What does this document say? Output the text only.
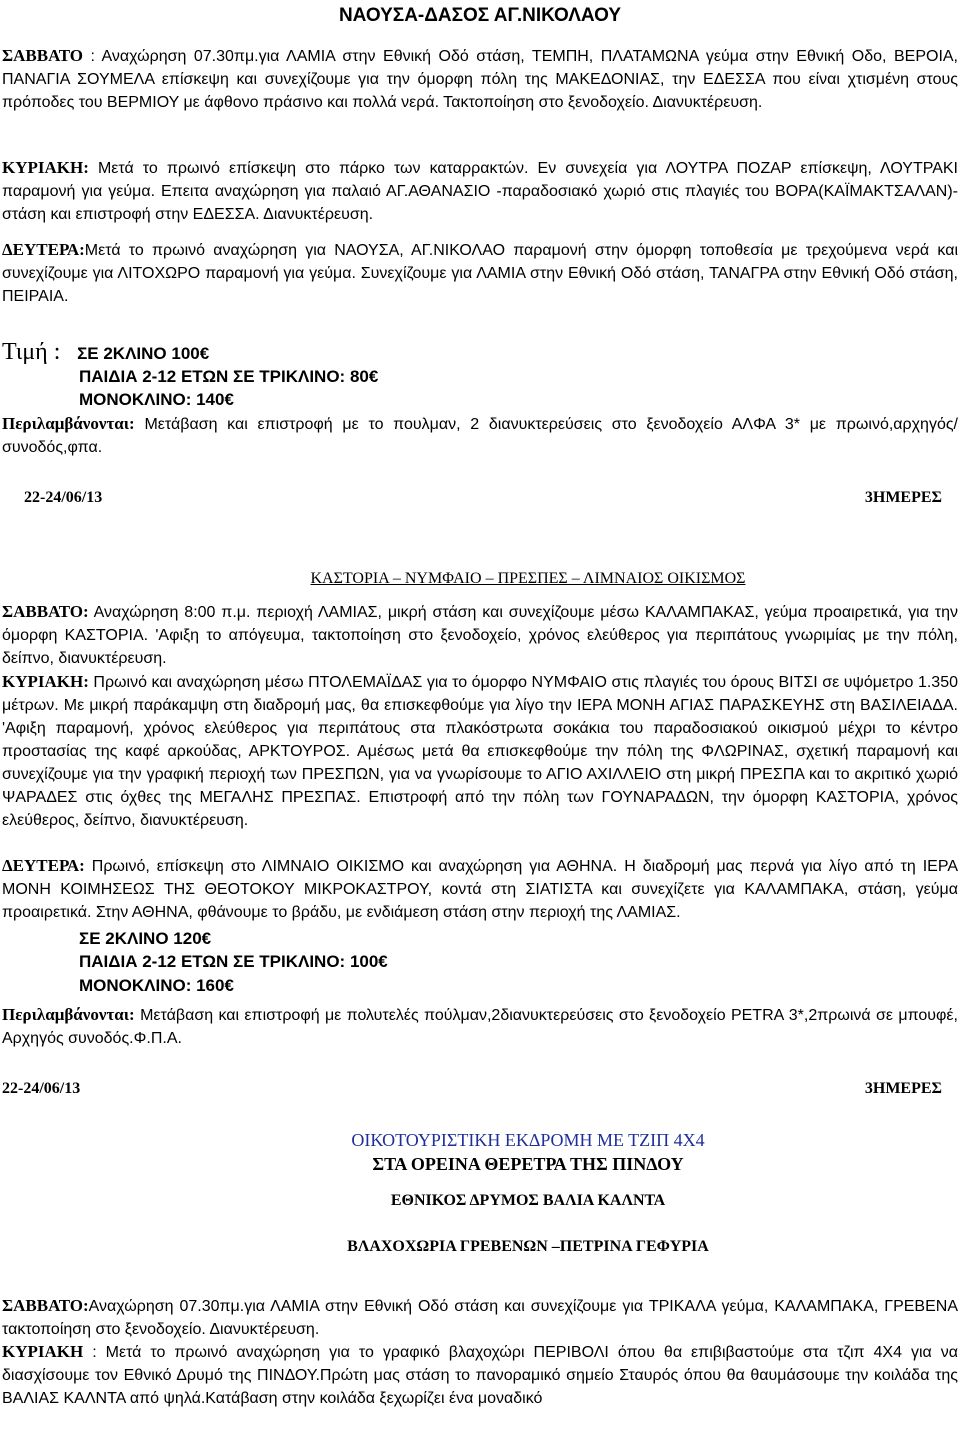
ΝΑΟΥΣΑ-ΔΑΣΟΣ ΑΓ.ΝΙΚΟΛΑΟΥ
ΣΑΒΒΑΤΟ : Αναχώρηση 07.30πμ.για ΛΑΜΙΑ στην Εθνική Οδό στάση, ΤΕΜΠΗ, ΠΛΑΤΑΜΩΝΑ γεύμα στην Εθνική Οδο, ΒΕΡΟΙΑ, ΠΑΝΑΓΙΑ ΣΟΥΜΕΛΑ επίσκεψη και συνεχίζουμε για την όμορφη πόλη της ΜΑΚΕΔΟΝΙΑΣ, την ΕΔΕΣΣΑ που είναι χτισμένη στους πρόποδες του ΒΕΡΜΙΟΥ με άφθονο πράσινο και πολλά νερά. Τακτοποίηση στο ξενοδοχείο. Διανυκτέρευση.
ΚΥΡΙΑΚΗ: Μετά το πρωινό επίσκεψη στο πάρκο των καταρρακτών. Εν συνεχεία για ΛΟΥΤΡΑ ΠΟΖΑΡ επίσκεψη, ΛΟΥΤΡΑΚΙ παραμονή για γεύμα. Επειτα αναχώρηση για παλαιό ΑΓ.ΑΘΑΝΑΣΙΟ -παραδοσιακό χωριό στις πλαγιές του ΒΟΡΑ(ΚΑΪΜΑΚΤΣΑΛΑΝ)-στάση και επιστροφή στην ΕΔΕΣΣΑ. Διανυκτέρευση.
ΔΕΥΤΕΡΑ:Μετά το πρωινό αναχώρηση για ΝΑΟΥΣΑ, ΑΓ.ΝΙΚΟΛΑΟ παραμονή στην όμορφη τοποθεσία με τρεχούμενα νερά και συνεχίζουμε για ΛΙΤΟΧΩΡΟ παραμονή για γεύμα. Συνεχίζουμε για ΛΑΜΙΑ στην Εθνική Οδό στάση, ΤΑΝΑΓΡΑ στην Εθνική Οδό στάση, ΠΕΙΡΑΙΑ.
Τιμή : ΣΕ 2ΚΛΙΝΟ 100€
ΠΑΙΔΙΑ 2-12 ΕΤΩΝ ΣΕ ΤΡΙΚΛΙΝΟ: 80€
ΜΟΝΟΚΛΙΝΟ: 140€
Περιλαμβάνονται: Μετάβαση και επιστροφή με το πουλμαν, 2 διανυκτερεύσεις στο ξενοδοχείο ΑΛΦΑ 3* με πρωινό,αρχηγός/συνοδός,φπα.
22-24/06/13	3ΗΜΕΡΕΣ
ΚΑΣΤΟΡΙΑ – ΝΥΜΦΑΙΟ – ΠΡΕΣΠΕΣ – ΛΙΜΝΑΙΟΣ ΟΙΚΙΣΜΟΣ
ΣΑΒΒΑΤΟ: Αναχώρηση 8:00 π.μ. περιοχή ΛΑΜΙΑΣ, μικρή στάση και συνεχίζουμε μέσω ΚΑΛΑΜΠΑΚΑΣ, γεύμα προαιρετικά, για την όμορφη ΚΑΣΤΟΡΙΑ. 'Αφιξη το απόγευμα, τακτοποίηση στο ξενοδοχείο, χρόνος ελεύθερος για περιπάτους γνωριμίας με την πόλη, δείπνο, διανυκτέρευση.
ΚΥΡΙΑΚΗ: Πρωινό και αναχώρηση μέσω ΠΤΟΛΕΜΑΪΔΑΣ για το όμορφο ΝΥΜΦΑΙΟ στις πλαγιές του όρους ΒΙΤΣΙ σε υψόμετρο 1.350 μέτρων. Με μικρή παράκαμψη στη διαδρομή μας, θα επισκεφθούμε για λίγο την ΙΕΡΑ ΜΟΝΗ ΑΓΙΑΣ ΠΑΡΑΣΚΕΥΗΣ στη ΒΑΣΙΛΕΙΑΔΑ. 'Αφιξη παραμονή, χρόνος ελεύθερος για περιπάτους στα πλακόστρωτα σοκάκια του παραδοσιακού οικισμού μέχρι το κέντρο προστασίας της καφέ αρκούδας, ΑΡΚΤΟΥΡΟΣ. Αμέσως μετά θα επισκεφθούμε την πόλη της ΦΛΩΡΙΝΑΣ, σχετική παραμονή και συνεχίζουμε για την γραφική περιοχή των ΠΡΕΣΠΩΝ, για να γνωρίσουμε το ΑΓΙΟ ΑΧΙΛΛΕΙΟ στη μικρή ΠΡΕΣΠΑ και το ακριτικό χωριό ΨΑΡΑΔΕΣ στις όχθες της ΜΕΓΑΛΗΣ ΠΡΕΣΠΑΣ. Επιστροφή από την πόλη των ΓΟΥΝΑΡΑΔΩΝ, την όμορφη ΚΑΣΤΟΡΙΑ, χρόνος ελεύθερος, δείπνο, διανυκτέρευση.
ΔΕΥΤΕΡΑ: Πρωινό, επίσκεψη στο ΛΙΜΝΑΙΟ ΟΙΚΙΣΜΟ και αναχώρηση για ΑΘΗΝΑ. Η διαδρομή μας περνά για λίγο από τη ΙΕΡΑ ΜΟΝΗ ΚΟΙΜΗΣΕΩΣ ΤΗΣ ΘΕΟΤΟΚΟΥ ΜΙΚΡΟΚΑΣΤΡΟΥ, κοντά στη ΣΙΑΤΙΣΤΑ και συνεχίζετε για ΚΑΛΑΜΠΑΚΑ, στάση, γεύμα προαιρετικά. Στην ΑΘΗΝΑ, φθάνουμε το βράδυ, με ενδιάμεση στάση στην περιοχή της ΛΑΜΙΑΣ.
ΣΕ 2ΚΛΙΝΟ 120€
ΠΑΙΔΙΑ 2-12 ΕΤΩΝ ΣΕ ΤΡΙΚΛΙΝΟ: 100€
ΜΟΝΟΚΛΙΝΟ: 160€
Περιλαμβάνονται: Μετάβαση και επιστροφή με πολυτελές πούλμαν,2διανυκτερεύσεις στο ξενοδοχείο PETRA 3*,2πρωινά σε μπουφέ, Αρχηγός συνοδός.Φ.Π.Α.
22-24/06/13	3ΗΜΕΡΕΣ
ΟΙΚΟΤΟΥΡΙΣΤΙΚΗ ΕΚΔΡΟΜΗ ΜΕ ΤΖΙΠ 4Χ4
ΣΤΑ ΟΡΕΙΝΑ ΘΕΡΕΤΡΑ ΤΗΣ ΠΙΝΔΟΥ
ΕΘΝΙΚΟΣ ΔΡΥΜΟΣ ΒΑΛΙΑ ΚΑΛΝΤΑ
ΒΛΑΧΟΧΩΡΙΑ ΓΡΕΒΕΝΩΝ –ΠΕΤΡΙΝΑ ΓΕΦΥΡΙΑ
ΣΑΒΒΑΤΟ:Αναχώρηση 07.30πμ.για ΛΑΜΙΑ στην Εθνική Οδό στάση και συνεχίζουμε για ΤΡΙΚΑΛΑ γεύμα, ΚΑΛΑΜΠΑΚΑ, ΓΡΕΒΕΝΑ τακτοποίηση στο ξενοδοχείο. Διανυκτέρευση.
ΚΥΡΙΑΚΗ : Μετά το πρωινό αναχώρηση για το γραφικό βλαχοχώρι ΠΕΡΙΒΟΛΙ όπου θα επιβιβαστούμε στα τζιπ 4Χ4 για να διασχίσουμε τον Εθνικό Δρυμό της ΠΙΝΔΟΥ.Πρώτη μας στάση το πανοραμικό σημείο Σταυρός όπου θα θαυμάσουμε την κοιλάδα της ΒΑΛΙΑΣ ΚΑΛΝΤΑ από ψηλά.Κατάβαση στην κοιλάδα ξεχωρίζει ένα μοναδικό
